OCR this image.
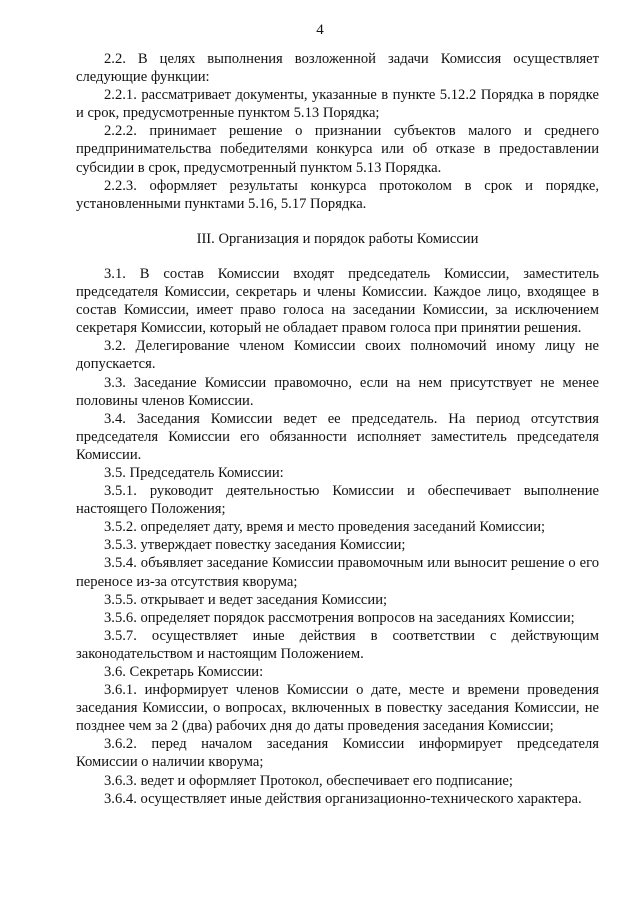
4

2.2. В целях выполнения возложенной задачи Комиссия осуществляет следующие функции:

2.2.1. рассматривает документы, указанные в пункте 5.12.2 Порядка в порядке и срок, предусмотренные пунктом 5.13 Порядка;

2.2.2. принимает решение о признании субъектов малого и среднего предпринимательства победителями конкурса или об отказе в предоставлении субсидии в срок, предусмотренный пунктом 5.13 Порядка.

2.2.3. оформляет результаты конкурса протоколом в срок и порядке, установленными пунктами 5.16, 5.17 Порядка.

III. Организация и порядок работы Комиссии

3.1. В состав Комиссии входят председатель Комиссии, заместитель председателя Комиссии, секретарь и члены Комиссии. Каждое лицо, входящее в состав Комиссии, имеет право голоса на заседании Комиссии, за исключением секретаря Комиссии, который не обладает правом голоса при принятии решения.

3.2. Делегирование членом Комиссии своих полномочий иному лицу не допускается.

3.3. Заседание Комиссии правомочно, если на нем присутствует не менее половины членов Комиссии.

3.4. Заседания Комиссии ведет ее председатель. На период отсутствия председателя Комиссии его обязанности исполняет заместитель председателя Комиссии.

3.5. Председатель Комиссии:

3.5.1. руководит деятельностью Комиссии и обеспечивает выполнение настоящего Положения;

3.5.2. определяет дату, время и место проведения заседаний Комиссии;

3.5.3. утверждает повестку заседания Комиссии;

3.5.4. объявляет заседание Комиссии правомочным или выносит решение о его переносе из-за отсутствия кворума;

3.5.5. открывает и ведет заседания Комиссии;

3.5.6. определяет порядок рассмотрения вопросов на заседаниях Комиссии;

3.5.7. осуществляет иные действия в соответствии с действующим законодательством и настоящим Положением.

3.6. Секретарь Комиссии:

3.6.1. информирует членов Комиссии о дате, месте и времени проведения заседания Комиссии, о вопросах, включенных в повестку заседания Комиссии, не позднее чем за 2 (два) рабочих дня до даты проведения заседания Комиссии;

3.6.2. перед началом заседания Комиссии информирует председателя Комиссии о наличии кворума;

3.6.3. ведет и оформляет Протокол, обеспечивает его подписание;

3.6.4. осуществляет иные действия организационно-технического характера.
